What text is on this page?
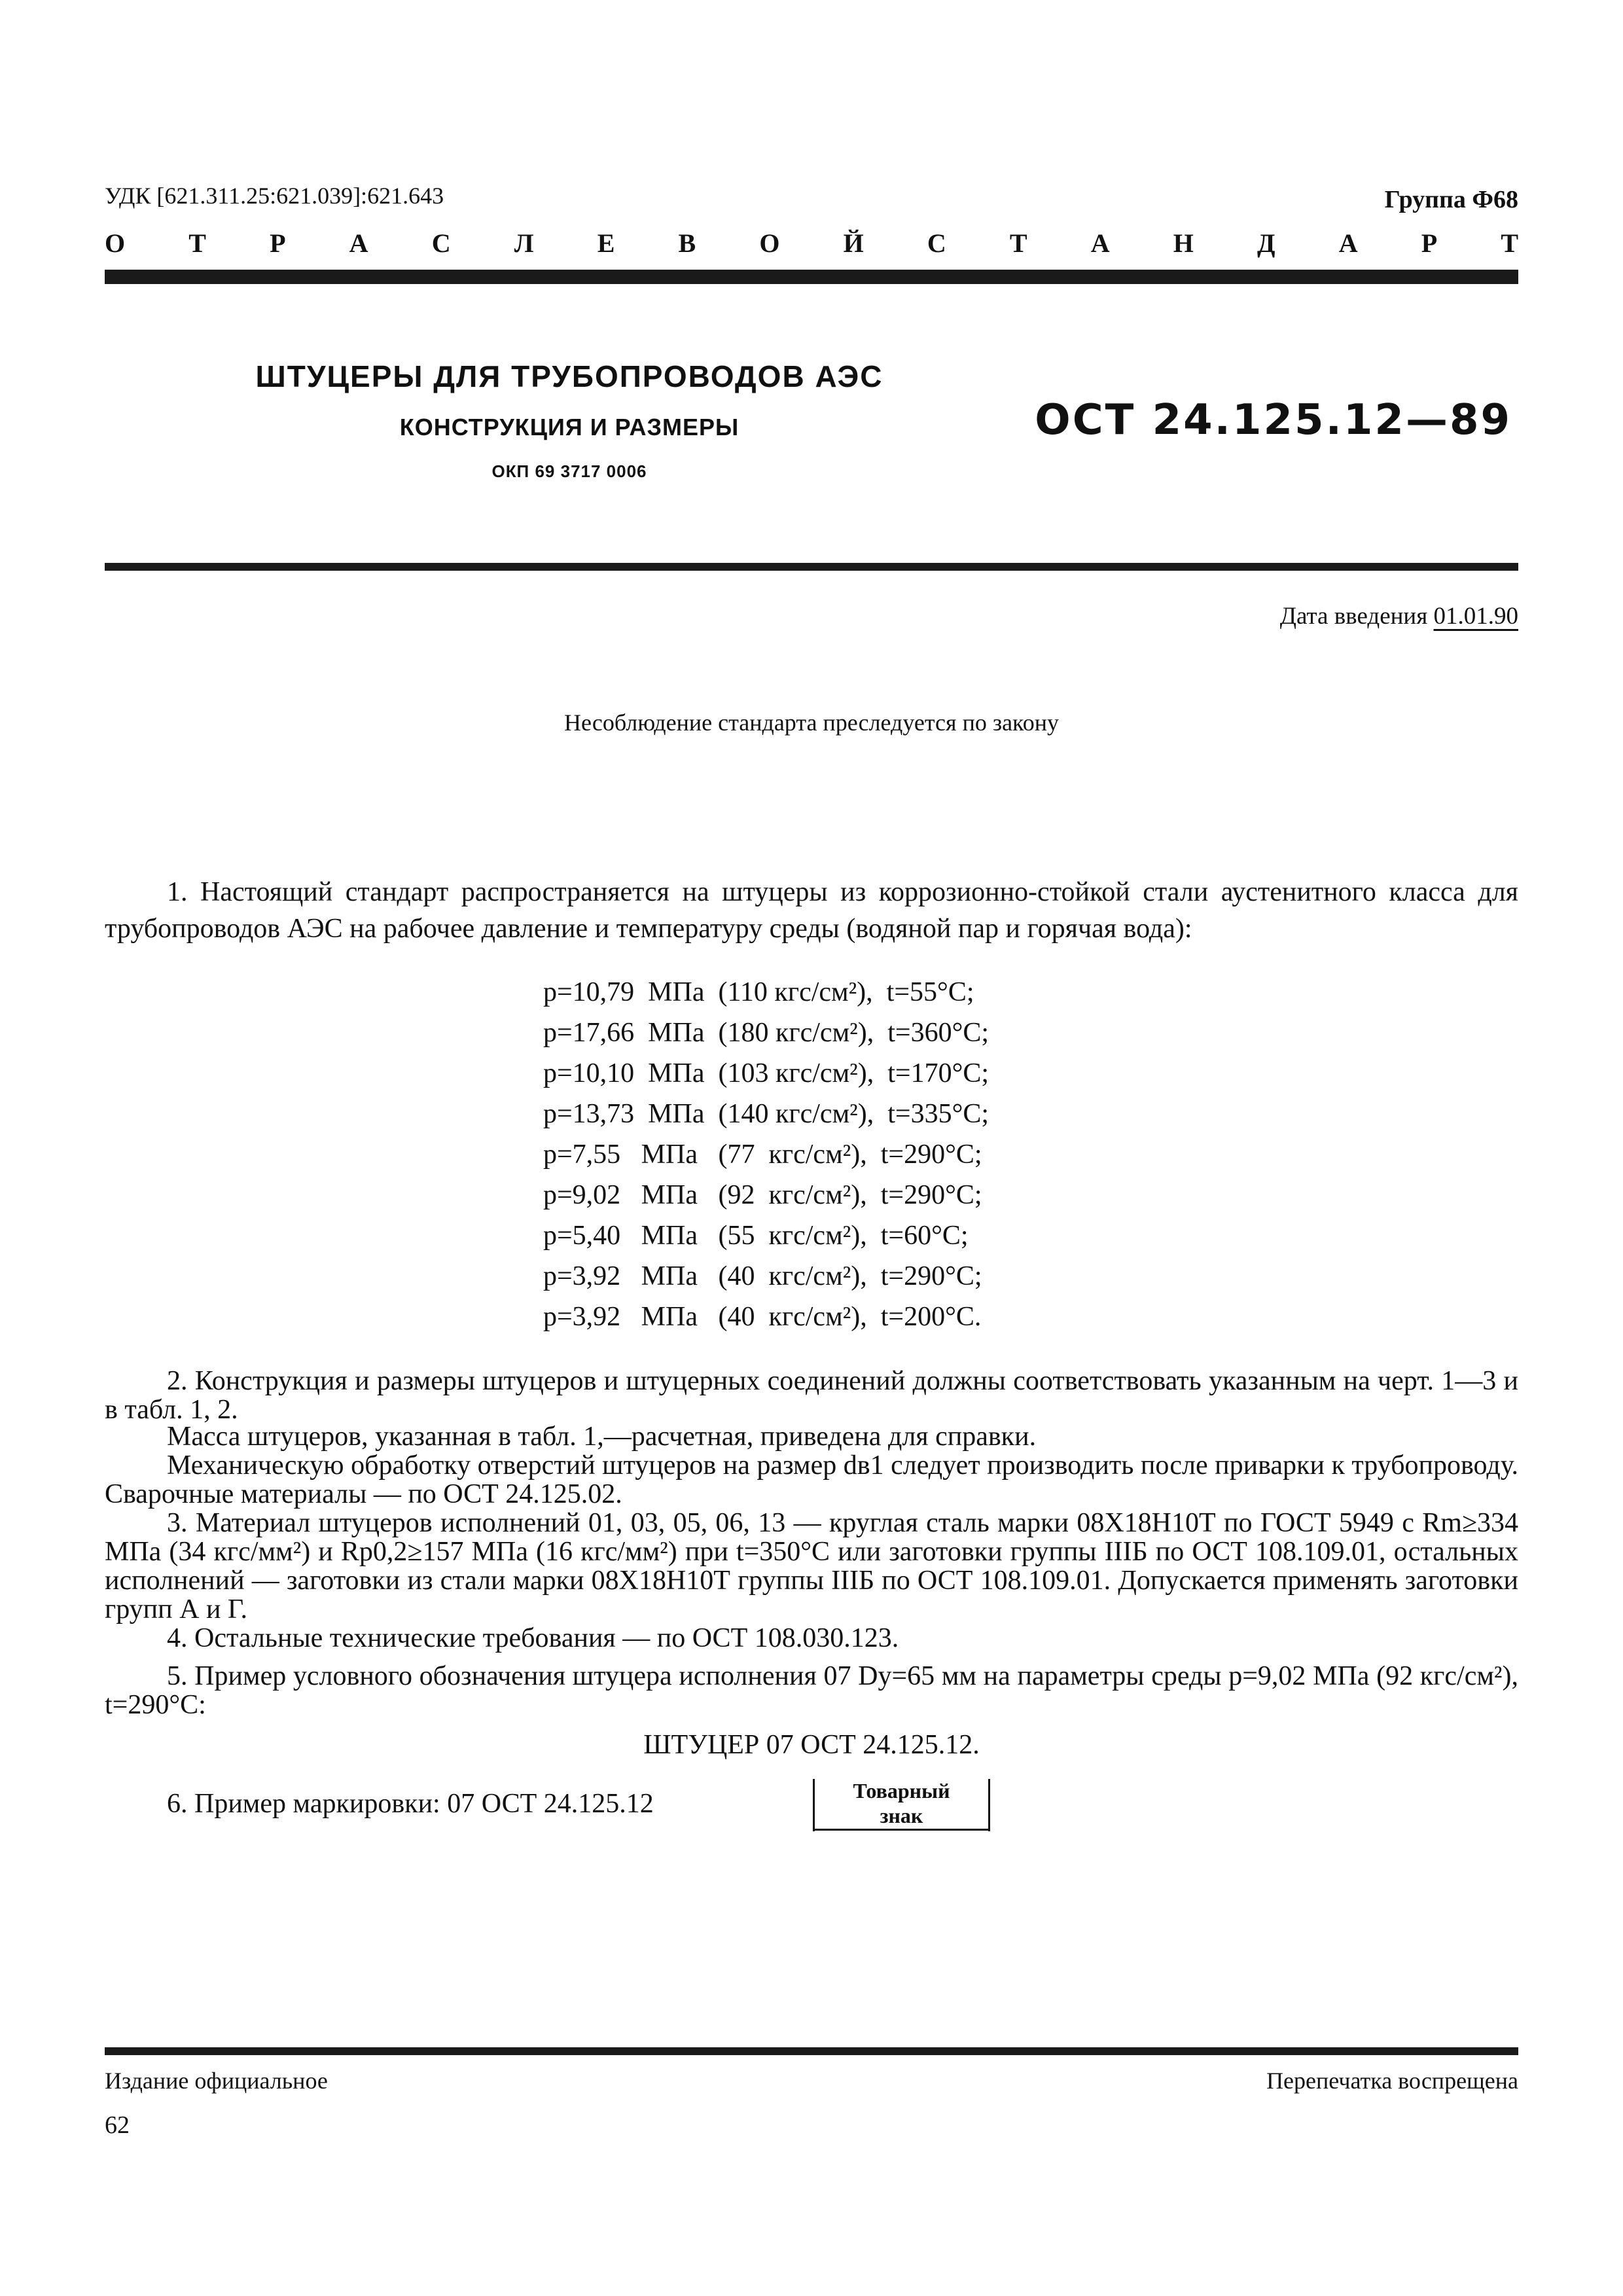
УДК [621.311.25:621.039]:621.643	Группа Ф68
О Т Р А С Л Е В О Й С Т А Н Д А Р Т
ШТУЦЕРЫ ДЛЯ ТРУБОПРОВОДОВ АЭС
КОНСТРУКЦИЯ И РАЗМЕРЫ
ОКП 69 3717 0006
ОСТ 24.125.12—89
Дата введения 01.01.90
Несоблюдение стандарта преследуется по закону

1. Настоящий стандарт распространяется на штуцеры из коррозионно-стойкой стали аустенитного класса для трубопроводов АЭС на рабочее давление и температуру среды (водяной пар и горячая вода):

p=10,79  МПа  (110 кгс/см²),  t=55°С;
p=17,66  МПа  (180 кгс/см²),  t=360°С;
p=10,10  МПа  (103 кгс/см²),  t=170°С;
p=13,73  МПа  (140 кгс/см²),  t=335°С;
p=7,55   МПа   (77  кгс/см²),  t=290°С;
p=9,02   МПа   (92  кгс/см²),  t=290°С;
p=5,40   МПа   (55  кгс/см²),  t=60°С;
p=3,92   МПа   (40  кгс/см²),  t=290°С;
p=3,92   МПа   (40  кгс/см²),  t=200°С.

2. Конструкция и размеры штуцеров и штуцерных соединений должны соответствовать указанным на черт. 1—3 и в табл. 1, 2.

Масса штуцеров, указанная в табл. 1,—расчетная, приведена для справки.

Механическую обработку отверстий штуцеров на размер dв1 следует производить после приварки к трубопроводу. Сварочные материалы — по ОСТ 24.125.02.

3. Материал штуцеров исполнений 01, 03, 05, 06, 13 — круглая сталь марки 08Х18Н10Т по ГОСТ 5949 с Rm≥334 МПа (34 кгс/мм²) и Rp0,2≥157 МПа (16 кгс/мм²) при t=350°С или заготовки группы IIIБ по ОСТ 108.109.01, остальных исполнений — заготовки из стали марки 08Х18Н10Т группы IIIБ по ОСТ 108.109.01. Допускается применять заготовки групп А и Г.

4. Остальные технические требования — по ОСТ 108.030.123.

5. Пример условного обозначения штуцера исполнения 07 Dy=65 мм на параметры среды p=9,02 МПа (92 кгс/см²), t=290°С:

ШТУЦЕР 07 ОСТ 24.125.12.
6. Пример маркировки: 07 ОСТ 24.125.12	Товарный
знак
Издание официальное	Перепечатка воспрещена
62
